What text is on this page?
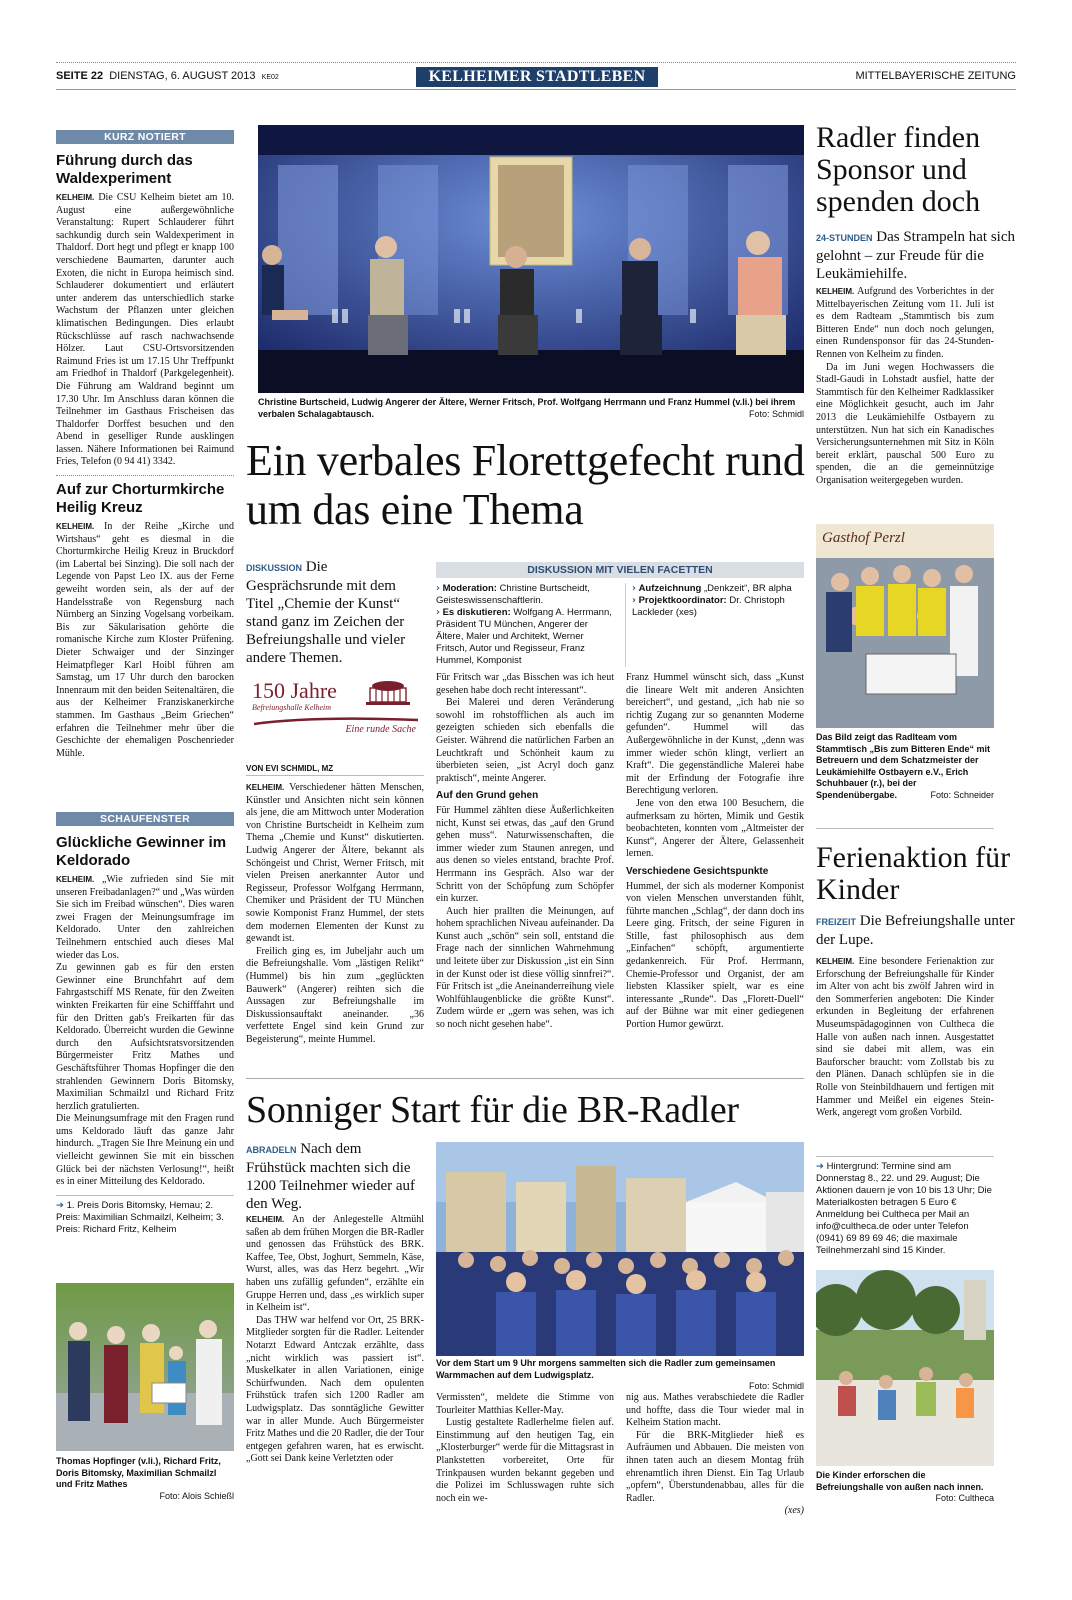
SEITE 22 DIENSTAG, 6. AUGUST 2013 KE02	KELHEIMER STADTLEBEN	MITTELBAYERISCHE ZEITUNG
KURZ NOTIERT
Führung durch das Waldexperiment

KELHEIM. Die CSU Kelheim bietet am 10. August eine außergewöhnliche Veranstaltung: Rupert Schlauderer führt sachkundig durch sein Waldexperiment in Thaldorf. Dort hegt und pflegt er knapp 100 verschiedene Baumarten, darunter auch Exoten, die nicht in Europa heimisch sind. Schlauderer dokumentiert und erläutert unter anderem das unterschiedlich starke Wachstum der Pflanzen unter gleichen klimatischen Bedingungen. Dies erlaubt Rückschlüsse auf rasch nachwachsende Hölzer. Laut CSU-Ortsvorsitzenden Raimund Fries ist um 17.15 Uhr Treffpunkt am Friedhof in Thaldorf (Parkgelegenheit). Die Führung am Waldrand beginnt um 17.30 Uhr. Im Anschluss daran können die Teilnehmer im Gasthaus Frischeisen das Thaldorfer Dorffest besuchen und den Abend in geselliger Runde ausklingen lassen. Nähere Informationen bei Raimund Fries, Telefon (0 94 41) 3342.

Auf zur Chorturmkirche Heilig Kreuz

KELHEIM. In der Reihe „Kirche und Wirtshaus“ geht es diesmal in die Chorturmkirche Heilig Kreuz in Bruckdorf (im Labertal bei Sinzing). Die soll nach der Legende von Papst Leo IX. aus der Ferne geweiht worden sein, als der auf der Handelsstraße von Regensburg nach Nürnberg an Sinzing Vogelsang vorbeikam. Bis zur Säkularisation gehörte die romanische Kirche zum Kloster Prüfening. Dieter Schwaiger und der Sinzinger Heimatpfleger Karl Hoibl führen am Samstag, um 17 Uhr durch den barocken Innenraum mit den beiden Seitenaltären, die aus der Kelheimer Franziskanerkirche stammen. Im Gasthaus „Beim Griechen“ erfahren die Teilnehmer mehr über die Geschichte der ehemaligen Poschenrieder Mühle.

SCHAUFENSTER
Glückliche Gewinner im Keldorado

KELHEIM. „Wie zufrieden sind Sie mit unseren Freibadanlagen?“ und „Was würden Sie sich im Freibad wünschen“. Dies waren zwei Fragen der Meinungsumfrage im Keldorado. Unter den zahlreichen Teilnehmern entschied auch dieses Mal wieder das Los.

Zu gewinnen gab es für den ersten Gewinner eine Brunchfahrt auf dem Fahrgastschiff MS Renate, für den Zweiten winkten Freikarten für eine Schifffahrt und für den Dritten gab's Freikarten für das Keldorado. Überreicht wurden die Gewinne durch den Aufsichtsratsvorsitzenden Bürgermeister Fritz Mathes und Geschäftsführer Thomas Hopfinger die den strahlenden Gewinnern Doris Bitomsky, Maximilian Schmailzl und Richard Fritz herzlich gratulierten.

Die Meinungsumfrage mit den Fragen rund ums Keldorado läuft das ganze Jahr hindurch. „Tragen Sie Ihre Meinung ein und vielleicht gewinnen Sie mit ein bisschen Glück bei der nächsten Verlosung!“, heißt es in einer Mitteilung des Keldorado.

➔ 1. Preis Doris Bitomsky, Hemau; 2. Preis: Maximilian Schmailzl, Kelheim; 3. Preis: Richard Fritz, Kelheim
Thomas Hopfinger (v.li.), Richard Fritz, Doris Bitomsky, Maximilian Schmailzl und Fritz Mathes
Foto: Alois Schießl
Christine Burtscheid, Ludwig Angerer der Ältere, Werner Fritsch, Prof. Wolfgang Herrmann und Franz Hummel (v.li.) bei ihrem verbalen Schalagabtausch.	Foto: Schmidl
Ein verbales Florettgefecht rund um das eine Thema
DISKUSSION Die Gesprächsrunde mit dem Titel „Chemie der Kunst“ stand ganz im Zeichen der Befreiungshalle und vieler andere Themen.
150 Jahre
Befreiungshalle Kelheim
Eine runde Sache
DISKUSSION MIT VIELEN FACETTEN
› Moderation: Christine Burtscheidt, Geisteswissenschaftlerin.
› Es diskutieren: Wolfgang A. Herrmann, Präsident TU München, Angerer der Ältere, Maler und Architekt, Werner Fritsch, Autor und Regisseur, Franz Hummel, Komponist
› Aufzeichnung „Denkzeit“, BR alpha
› Projektkoordinator: Dr. Christoph Lackleder (xes)
VON EVI SCHMIDL, MZ

KELHEIM. Verschiedener hätten Menschen, Künstler und Ansichten nicht sein können als jene, die am Mittwoch unter Moderation von Christine Burtscheidt in Kelheim zum Thema „Chemie und Kunst“ diskutierten. Ludwig Angerer der Ältere, bekannt als Schöngeist und Christ, Werner Fritsch, mit vielen Preisen anerkannter Autor und Regisseur, Professor Wolfgang Herrmann, Chemiker und Präsident der TU München sowie Komponist Franz Hummel, der stets dem modernen Elementen der Kunst zu gewandt ist.

Freilich ging es, im Jubeljahr auch um die Befreiungshalle. Vom „lästigen Relikt“ (Hummel) bis hin zum „geglückten Bauwerk“ (Angerer) reihten sich die Aussagen zur Befreiungshalle im Diskussionsauftakt aneinander. „36 verfettete Engel sind kein Grund zur Begeisterung“, meinte Hummel.

Für Fritsch war „das Bisschen was ich heut gesehen habe doch recht interessant“.

Bei Malerei und deren Veränderung sowohl im rohstofflichen als auch im gezeigten schieden sich ebenfalls die Geister. Während die natürlichen Farben an Leuchtkraft und Schönheit kaum zu überbieten seien, „ist Acryl doch ganz praktisch“, meinte Angerer.

Auf den Grund gehen

Für Hummel zählten diese Äußerlichkeiten nicht, Kunst sei etwas, das „auf den Grund gehen muss“. Naturwissenschaften, die immer wieder zum Staunen anregen, und aus denen so vieles entstand, brachte Prof. Herrmann ins Gespräch. Also war der Schritt von der Schöpfung zum Schöpfer ein kurzer.

Auch hier prallten die Meinungen, auf hohem sprachlichen Niveau aufeinander. Da Kunst auch „schön“ sein soll, entstand die Frage nach der sinnlichen Wahrnehmung und leitete über zur Diskussion „ist ein Sinn in der Kunst oder ist diese völlig sinnfrei?“. Für Fritsch ist „die Aneinanderreihung viele Wohlfühlaugenblicke die größte Kunst“. Zudem würde er „gern was sehen, was ich so noch nicht gesehen habe“.

Franz Hummel wünscht sich, dass „Kunst die lineare Welt mit anderen Ansichten bereichert“, und gestand, „ich hab nie so richtig Zugang zur so genannten Moderne gefunden“. Hummel will das Außergewöhnliche in der Kunst, „denn was immer wieder schön klingt, verliert an Kraft“. Die gegenständliche Malerei habe mit der Erfindung der Fotografie ihre Berechtigung verloren.

Jene von den etwa 100 Besuchern, die aufmerksam zu hörten, Mimik und Gestik beobachteten, konnten vom „Altmeister der Kunst“, Angerer der Ältere, Gelassenheit lernen.

Verschiedene Gesichtspunkte

Hummel, der sich als moderner Komponist von vielen Menschen unverstanden fühlt, führte manchen „Schlag“, der dann doch ins Leere ging. Fritsch, der seine Figuren in Stille, fast philosophisch aus dem „Einfachen“ schöpft, argumentierte gedankenreich. Für Prof. Herrmann, Chemie-Professor und Organist, der am liebsten Klassiker spielt, war es eine interessante „Runde“. Das „Florett-Duell“ auf der Bühne war mit einer gediegenen Portion Humor gewürzt.

Sonniger Start für die BR-Radler
ABRADELN Nach dem Frühstück machten sich die 1200 Teilnehmer wieder auf den Weg.

KELHEIM. An der Anlegestelle Altmühl saßen ab dem frühen Morgen die BR-Radler und genossen das Frühstück des BRK. Kaffee, Tee, Obst, Joghurt, Semmeln, Käse, Wurst, alles, was das Herz begehrt. „Wir haben uns zufällig gefunden“, erzählte ein Gruppe Herren und, dass „es wirklich super in Kelheim ist“.

Das THW war helfend vor Ort, 25 BRK-Mitglieder sorgten für die Radler. Leitender Notarzt Edward Antczak erzählte, dass „nicht wirklich was passiert ist“. Muskelkater in allen Variationen, einige Schürfwunden. Nach dem opulenten Frühstück trafen sich 1200 Radler am Ludwigsplatz. Das sonntägliche Gewitter war in aller Munde. Auch Bürgermeister Fritz Mathes und die 20 Radler, die der Tour entgegen gefahren waren, hat es erwischt. „Gott sei Dank keine Verletzten oder

Vor dem Start um 9 Uhr morgens sammelten sich die Radler zum gemeinsamen Warmmachen auf dem Ludwigsplatz.
Foto: Schmidl

Vermissten“, meldete die Stimme von Tourleiter Matthias Keller-May.

Lustig gestaltete Radlerhelme fielen auf. Einstimmung auf den heutigen Tag, ein „Klosterburger“ werde für die Mittagsrast in Plankstetten vorbereitet, Orte für Trinkpausen wurden bekannt gegeben und die Polizei im Schlusswagen ruhte sich noch ein we-

nig aus. Mathes verabschiedete die Radler und hoffte, dass die Tour wieder mal in Kelheim Station macht.

Für die BRK-Mitglieder hieß es Aufräumen und Abbauen. Die meisten von ihnen taten auch an diesem Montag früh ehrenamtlich ihren Dienst. Ein Tag Urlaub „opfern“, Überstundenabbau, alles für die Radler.

(xes)
Radler finden Sponsor und spenden doch
24-STUNDEN Das Strampeln hat sich gelohnt – zur Freude für die Leukämiehilfe.

KELHEIM. Aufgrund des Vorberichtes in der Mittelbayerischen Zeitung vom 11. Juli ist es dem Radteam „Stammtisch bis zum Bitteren Ende“ nun doch noch gelungen, einen Rundensponsor für das 24-Stunden-Rennen von Kelheim zu finden.

Da im Juni wegen Hochwassers die Stadl-Gaudi in Lohstadt ausfiel, hatte der Stammtisch für den Kelheimer Radklassiker eine Möglichkeit gesucht, auch im Jahr 2013 die Leukämiehilfe Ostbayern zu unterstützen. Nun hat sich ein Kanadisches Versicherungsunternehmen mit Sitz in Köln bereit erklärt, pauschal 500 Euro zu spenden, die an die gemeinnützige Organisation weitergegeben wurden.

Gasthof Perzl
Das Bild zeigt das Radlteam vom Stammtisch „Bis zum Bitteren Ende“ mit Betreuern und dem Schatzmeister der Leukämiehilfe Ostbayern e.V., Erich Schuhbauer (r.), bei der Spendenübergabe.	Foto: Schneider
Ferienaktion für Kinder
FREIZEIT Die Befreiungshalle unter der Lupe.

KELHEIM. Eine besondere Ferienaktion zur Erforschung der Befreiungshalle für Kinder im Alter von acht bis zwölf Jahren wird in den Sommerferien angeboten: Die Kinder erkunden in Begleitung der erfahrenen Museumspädagoginnen von Cultheca die Halle von außen nach innen. Ausgestattet sind sie dabei mit allem, was ein Bauforscher braucht: vom Zollstab bis zu den Plänen. Danach schlüpfen sie in die Rolle von Steinbildhauern und fertigen mit Hammer und Meißel ein eigenes Stein-Werk, angeregt vom großen Vorbild.

➔ Hintergrund: Termine sind am Donnerstag 8., 22. und 29. August; Die Aktionen dauern je von 10 bis 13 Uhr; Die Materialkosten betragen 5 Euro € Anmeldung bei Cultheca per Mail an info@cultheca.de oder unter Telefon (0941) 69 89 69 46; die maximale Teilnehmerzahl sind 15 Kinder.
Die Kinder erforschen die Befreiungshalle von außen nach innen.
Foto: Cultheca
